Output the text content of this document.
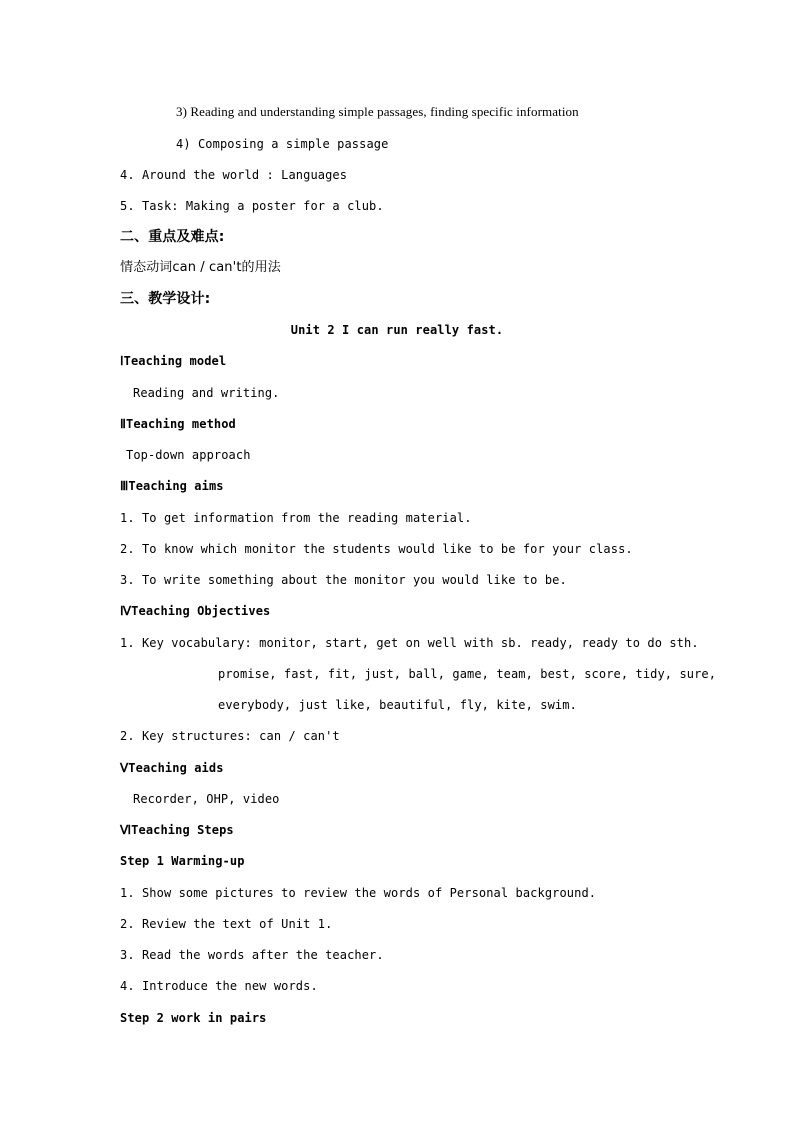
3) Reading and understanding simple passages, finding specific information
4) Composing a simple passage
4. Around the world : Languages
5. Task: Making a poster for a club.
二、重点及难点:
情态动词can / can't的用法
三、教学设计:
Unit 2 I can run really fast.
ⅠTeaching model
Reading and writing.
ⅡTeaching method
Top-down approach
ⅢTeaching aims
1. To get information from the reading material.
2. To know which monitor the students would like to be for your class.
3. To write something about the monitor you would like to be.
ⅣTeaching Objectives
1. Key vocabulary: monitor, start, get on well with sb. ready, ready to do sth.
promise, fast, fit, just, ball, game, team, best, score, tidy, sure,
everybody, just like, beautiful, fly, kite, swim.
2. Key structures: can / can't
ⅤTeaching aids
Recorder, OHP, video
ⅥTeaching Steps
Step 1 Warming-up
1. Show some pictures to review the words of Personal background.
2. Review the text of Unit 1.
3. Read the words after the teacher.
4. Introduce the new words.
Step 2 work in pairs
